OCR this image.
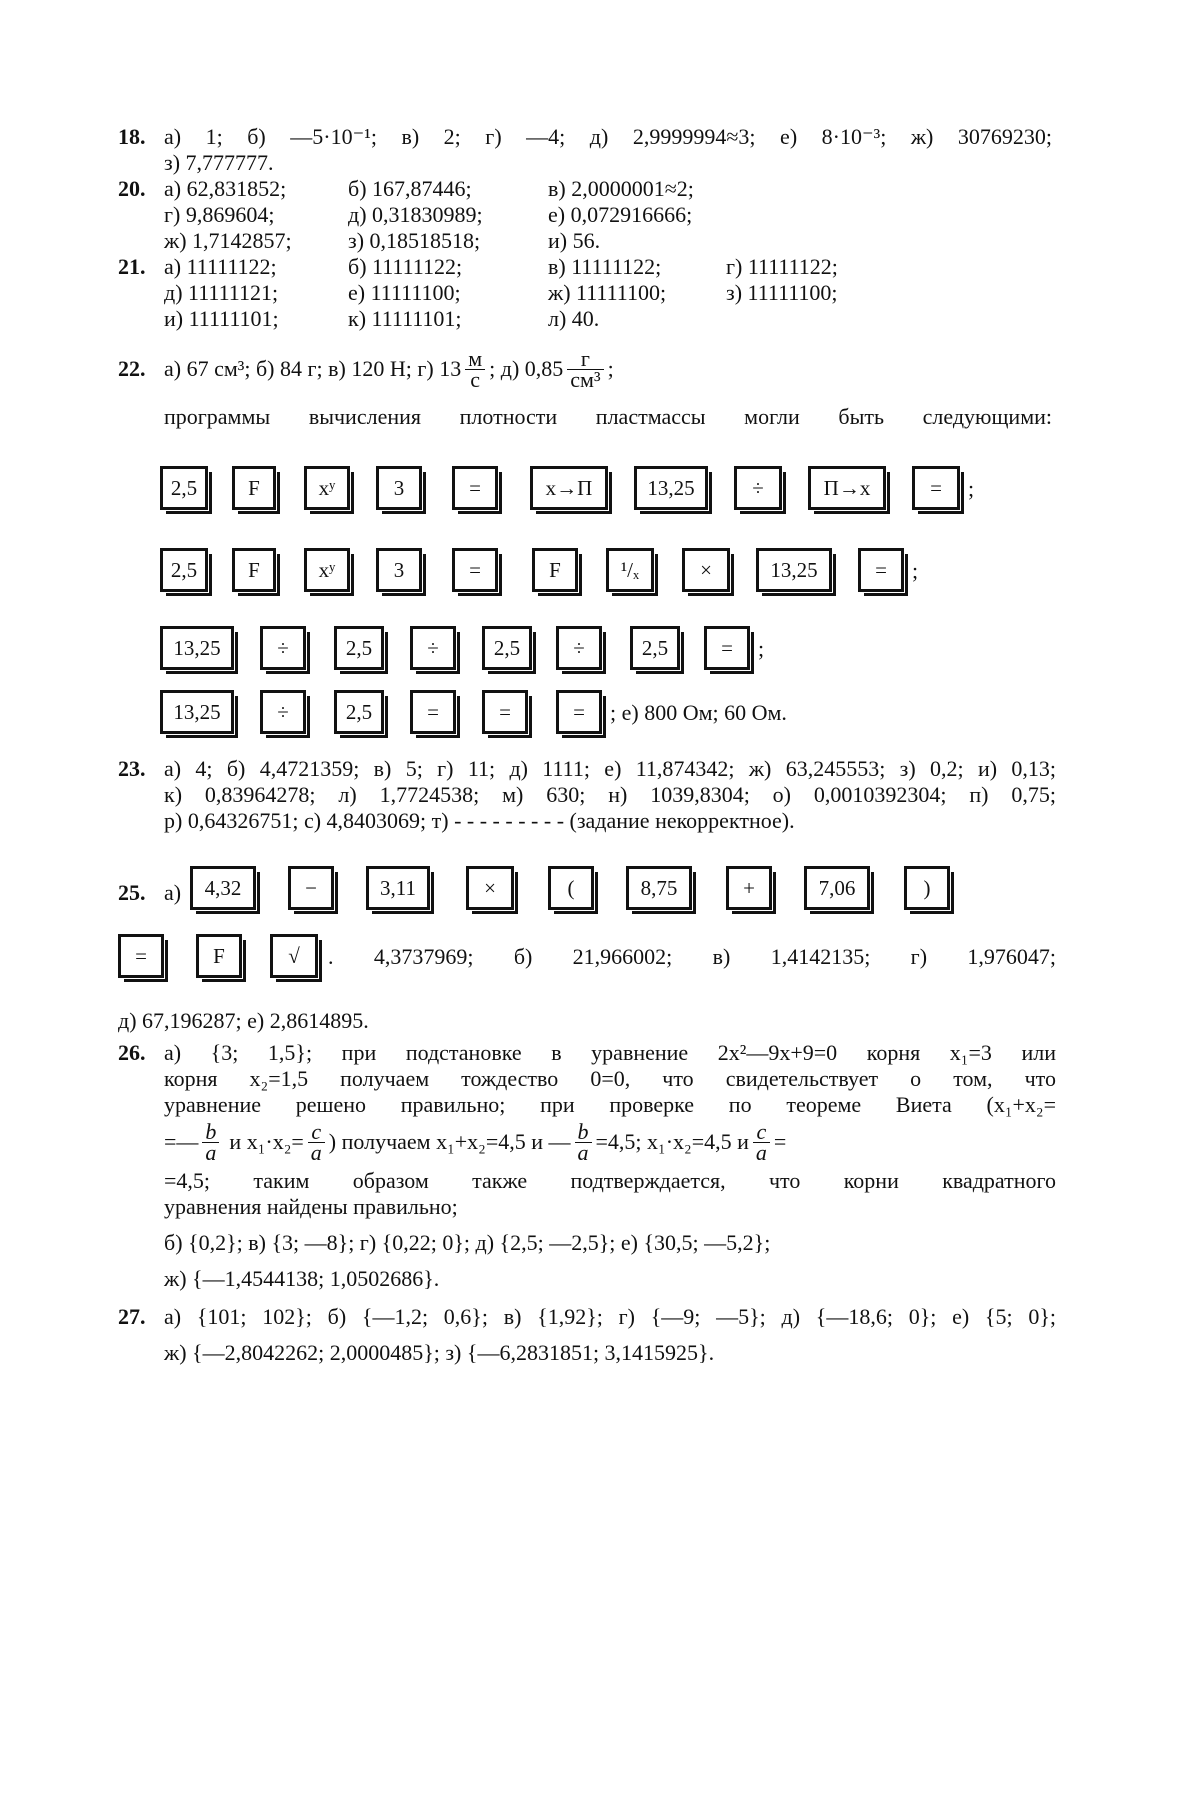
18. а) 1; б) —5·10⁻¹; в) 2; г) —4; д) 2,9999994≈3; е) 8·10⁻³; ж) 30769230;
з) 7,777777.
20. а) 62,831852;	б) 167,87446;	в) 2,0000001≈2;
г) 9,869604;	д) 0,31830989;	е) 0,072916666;
ж) 1,7142857;	з) 0,18518518;	и) 56.
21. а) 11111122;	б) 11111122;	в) 11111122;	г) 11111122;
д) 11111121;	е) 11111100;	ж) 11111100;	з) 11111100;
и) 11111101;	к) 11111101;	л) 40.
22. а) 67 см³; б) 84 г; в) 120 Н; г) $13 \frac{м}{с}$ ; д) $0,85 \frac{г}{\text{см³}}$ ;
программы вычисления плотности пластмассы могли быть следующими:
2,5	F	xʸ	3	=	x→П	13,25	÷	П→x	=	;
2,5	F	xʸ	3	=	F	¹/ₓ	×	13,25	=	;
13,25	÷	2,5	÷	2,5	÷	2,5	=	;
13,25	÷	2,5	=	=	=	; е) 800 Ом; 60 Ом.
23. а) 4; б) 4,4721359; в) 5; г) 11; д) 1111; е) 11,874342; ж) 63,245553; з) 0,2; и) 0,13;
к) 0,83964278; л) 1,7724538; м) 630; н) 1039,8304; о) 0,0010392304; п) 0,75;
р) 0,64326751; с) 4,8403069; т) - - - - - - - - - (задание некорректное).
25. а)	4,32	−	3,11	×	(	8,75	+	7,06	)
=	F	√	. 4,3737969; б) 21,966002; в) 1,4142135; г) 1,976047;
д) 67,196287; е) 2,8614895.
26. а) {3; 1,5}; при подстановке в уравнение 2x²—9x+9=0 корня x₁=3 или
корня x₂=1,5 получаем тождество 0=0, что свидетельствует о том, что
уравнение решено правильно; при проверке по теореме Виета (x₁+x₂=
=— $\frac{b}{a}$ и $x_1\cdot x_2= \frac{c}{a}$ ) получаем x₁+x₂=4,5 и — $\frac{b}{a} =4,5$; x₁·x₂=4,5 и $\frac{c}{a}$ =
=4,5; таким образом также подтверждается, что корни квадратного
уравнения найдены правильно;
б) {0,2}; в) {3; —8}; г) {0,22; 0}; д) {2,5; —2,5}; е) {30,5; —5,2};
ж) {—1,4544138; 1,0502686}.
27. а) {101; 102}; б) {—1,2; 0,6}; в) {1,92}; г) {—9; —5}; д) {—18,6; 0}; е) {5; 0};
ж) {—2,8042262; 2,0000485}; з) {—6,2831851; 3,1415925}.
